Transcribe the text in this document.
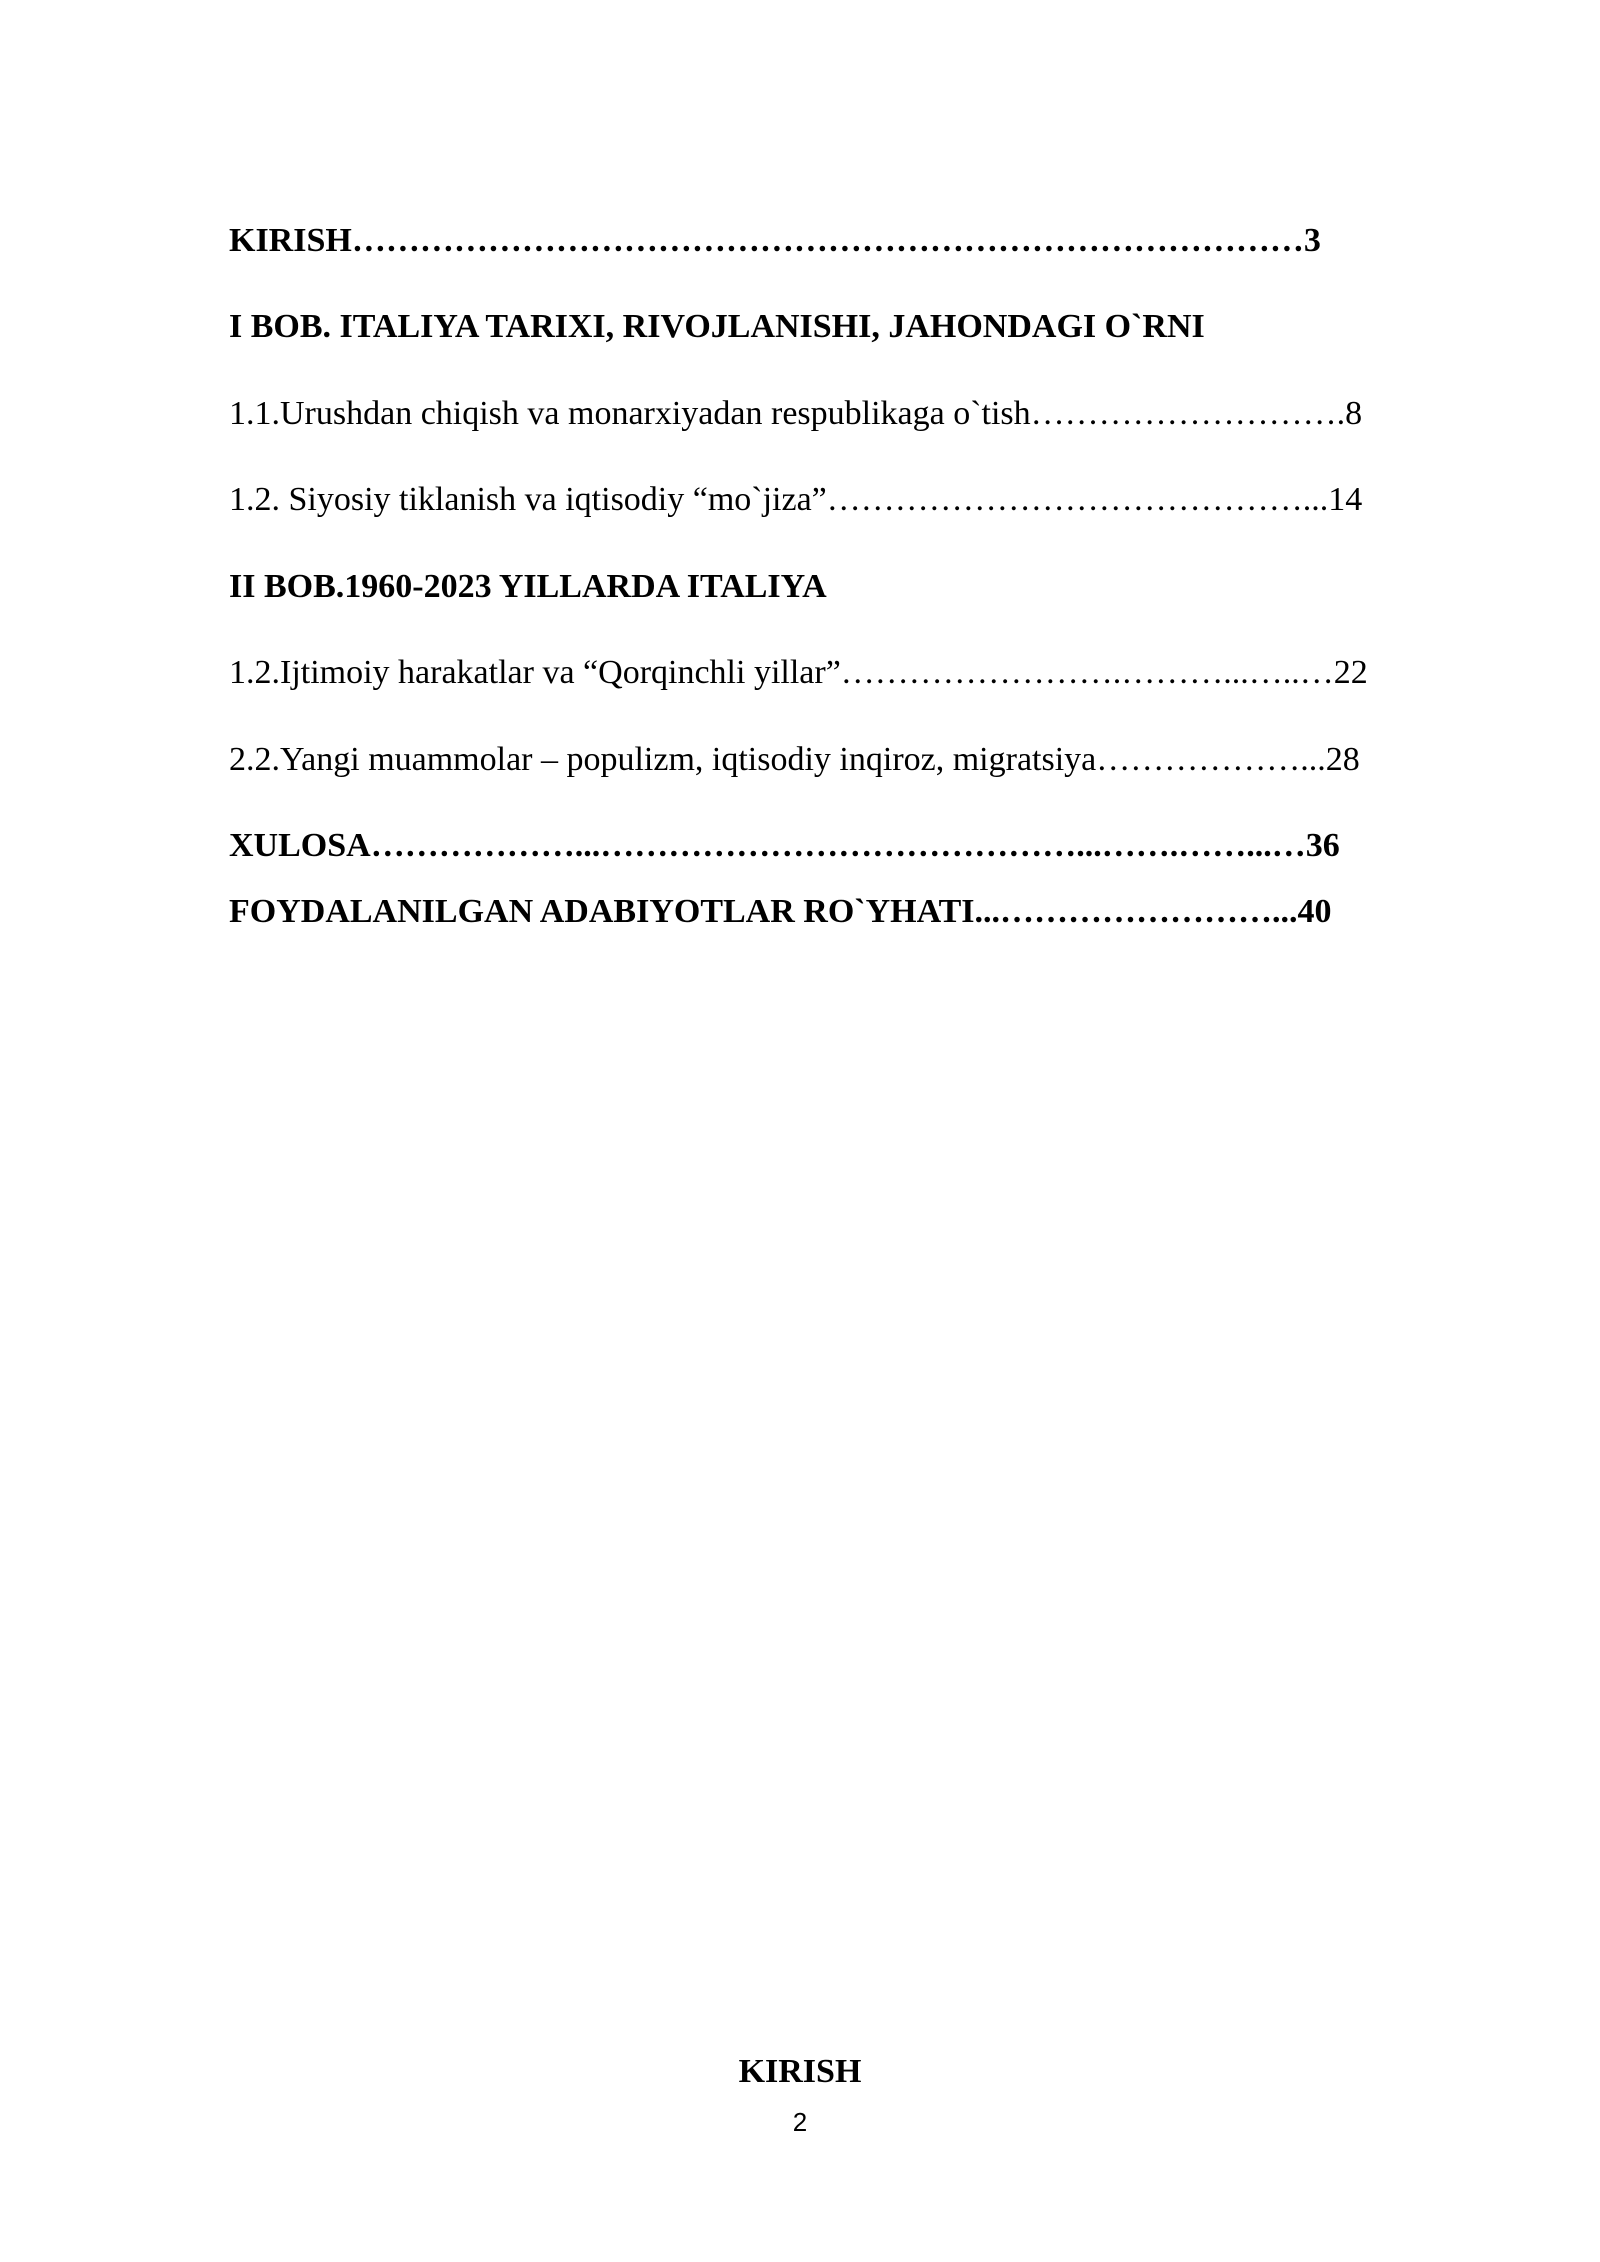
KIRISH…………………………………………………………………………3
I BOB. ITALIYA TARIXI, RIVOJLANISHI, JAHONDAGI O`RNI
1.1.Urushdan chiqish va monarxiyadan respublikaga o`tish……………………….8
1.2. Siyosiy tiklanish va iqtisodiy “mo`jiza”……………………………………...14
II BOB.1960-2023 YILLARDA ITALIYA
1.2.Ijtimoiy harakatlar va “Qorqinchli yillar”…………………….………...…..…22
2.2.Yangi muammolar – populizm, iqtisodiy inqiroz, migratsiya………………...28
XULOSA………………...……………………………………...…….……...…36
FOYDALANILGAN ADABIYOTLAR RO`YHATI...……………………...40
KIRISH
2
